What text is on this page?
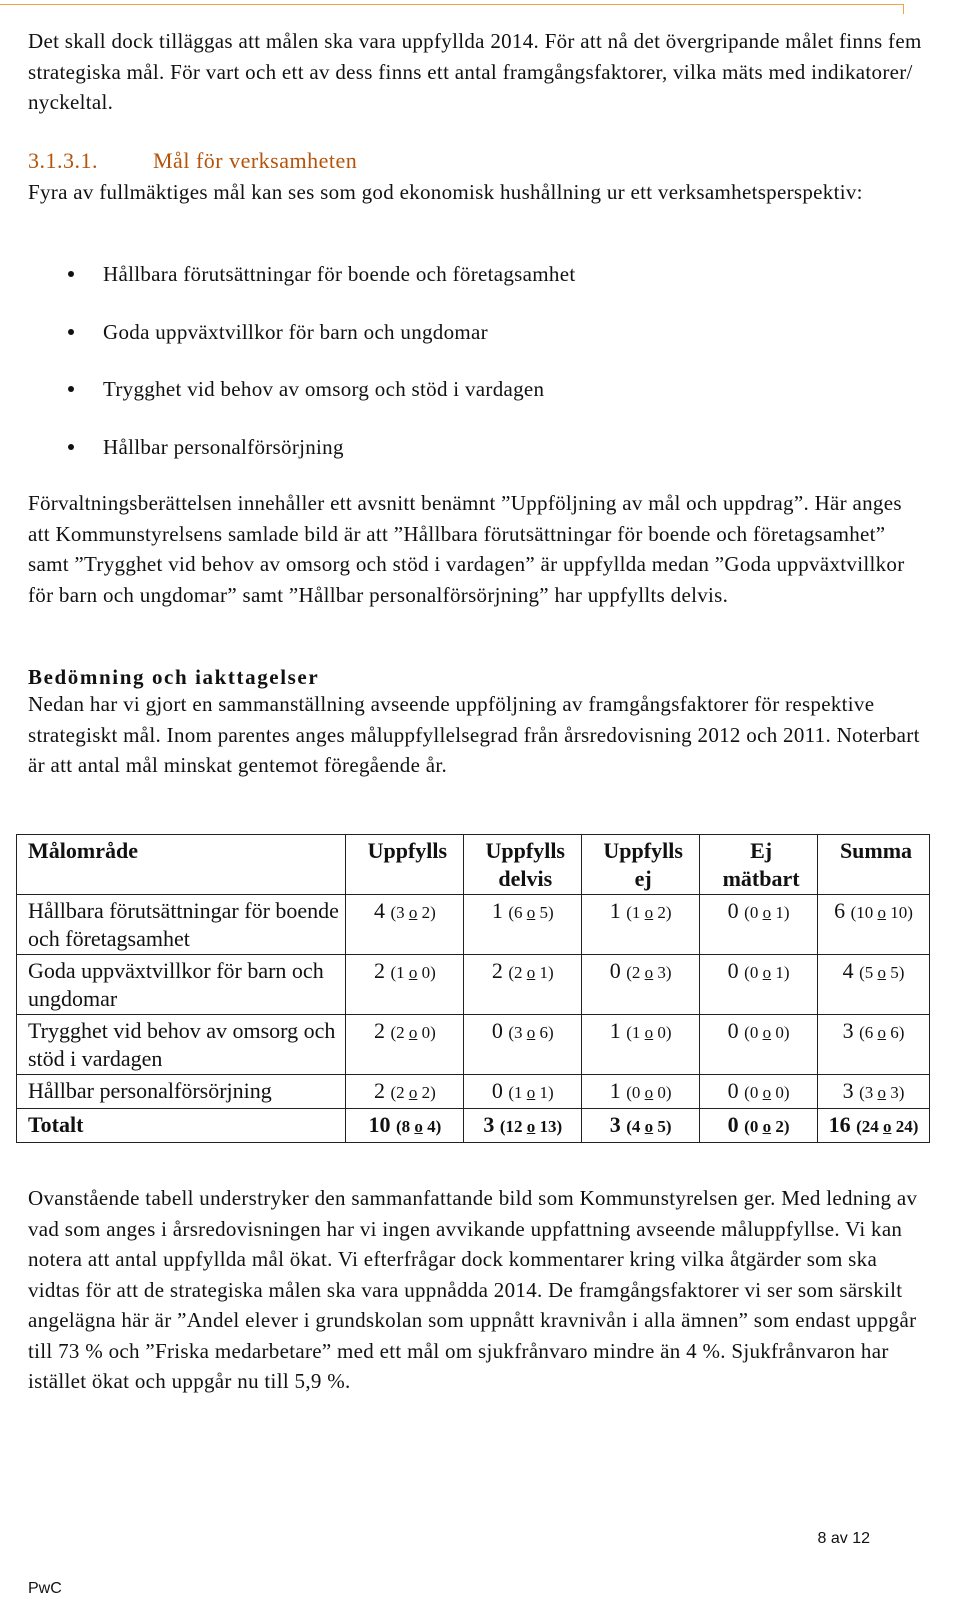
Det skall dock tilläggas att målen ska vara uppfyllda 2014. För att nå det övergripande målet finns fem strategiska mål. För vart och ett av dess finns ett antal framgångsfaktorer, vilka mäts med indikatorer/ nyckeltal.

3.1.3.1.	Mål för verksamheten

Fyra av fullmäktiges mål kan ses som god ekonomisk hushållning ur ett verksamhetsperspektiv:

Hållbara förutsättningar för boende och företagsamhet
Goda uppväxtvillkor för barn och ungdomar
Trygghet vid behov av omsorg och stöd i vardagen
Hållbar personalförsörjning

Förvaltningsberättelsen innehåller ett avsnitt benämnt ”Uppföljning av mål och uppdrag”. Här anges att Kommunstyrelsens samlade bild är att ”Hållbara förutsättningar för boende och företagsamhet” samt ”Trygghet vid behov av omsorg och stöd i vardagen” är uppfyllda medan ”Goda uppväxtvillkor för barn och ungdomar” samt ”Hållbar personalförsörjning” har uppfyllts delvis.

Bedömning och iakttagelser

Nedan har vi gjort en sammanställning avseende uppföljning av framgångsfaktorer för respektive strategiskt mål. Inom parentes anges måluppfyllelsegrad från årsredovisning 2012 och 2011. Noterbart är att antal mål minskat gentemot föregående år.

Målområde	Uppfylls	Uppfylls delvis	Uppfylls ej	Ej mätbart	Summa
Hållbara förutsättningar för boende och företagsamhet	4 (3 o 2)	1 (6 o 5)	1 (1 o 2)	0 (0 o 1)	6 (10 o 10)
Goda uppväxtvillkor för barn och ungdomar	2 (1 o 0)	2 (2 o 1)	0 (2 o 3)	0 (0 o 1)	4 (5 o 5)
Trygghet vid behov av omsorg och stöd i vardagen	2 (2 o 0)	0 (3 o 6)	1 (1 o 0)	0 (0 o 0)	3 (6 o 6)
Hållbar personalförsörjning	2 (2 o 2)	0 (1 o 1)	1 (0 o 0)	0 (0 o 0)	3 (3 o 3)
Totalt	10 (8 o 4)	3 (12 o 13)	3 (4 o 5)	0 (0 o 2)	16 (24 o 24)

Ovanstående tabell understryker den sammanfattande bild som Kommunstyrelsen ger. Med ledning av vad som anges i årsredovisningen har vi ingen avvikande uppfattning avseende måluppfyllse. Vi kan notera att antal uppfyllda mål ökat. Vi efterfrågar dock kommentarer kring vilka åtgärder som ska vidtas för att de strategiska målen ska vara uppnådda 2014. De framgångsfaktorer vi ser som särskilt angelägna här är ”Andel elever i grundskolan som uppnått kravnivån i alla ämnen” som endast uppgår till 73 % och ”Friska medarbetare” med ett mål om sjukfrånvaro mindre än 4 %. Sjukfrånvaron har istället ökat och uppgår nu till 5,9 %.

8 av 12
PwC
